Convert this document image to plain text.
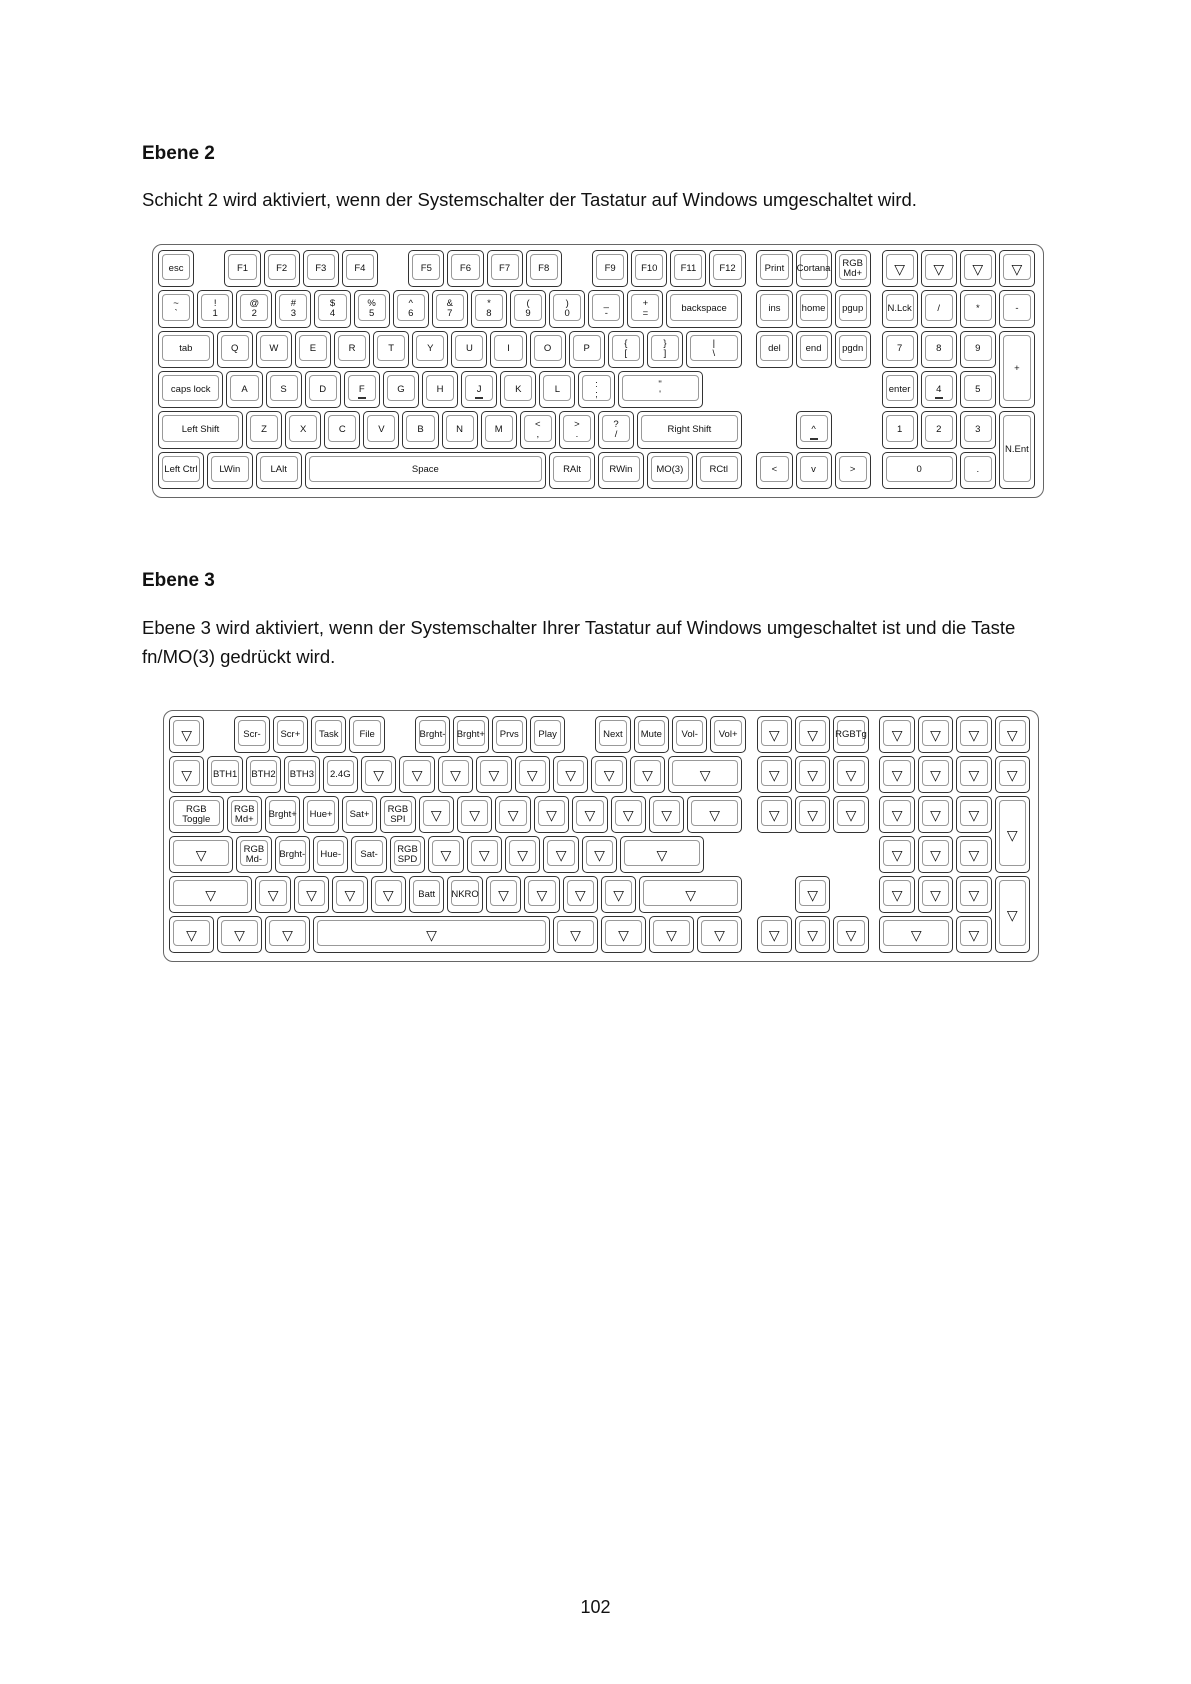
Ebene 2

Schicht 2 wird aktiviert, wenn der Systemschalter der Tastatur auf Windows umgeschaltet wird.

esc	F1	F2	F3	F4	F5	F6	F7	F8	F9	F10 F11 F12	Print Cortana RGB
Md+ ▽ ▽ ▽ ▽
~
`
!
1
@
2
#
3
$
4
%
5
^
6
&
7
*
8
(
9
)
0
_
-
+
=	backspace	ins home pgup	N.Lck	/	*	-
tab	Q	W	E	R	T	Y	U	I	O	P	{
[
}
]
|
\	del	end pgdn	7	8	9
+
caps lock	A	S	D	F	G	H	J	K	L	:
;
"
'	enter	4	5
Left Shift	Z	X	C	V	B	N	M	<
,
>
.
?
/	Right Shift	^	1	2	3
N.Ent
Left Ctrl LWin	LAlt	Space	RAlt	RWin	MO(3)	RCtl	<	v	>	0	.
Ebene 3

Ebene 3 wird aktiviert, wenn der Systemschalter Ihrer Tastatur auf Windows umgeschaltet ist und die Taste fn/MO(3) gedrückt wird.

▽	Scr- Scr+ Task File	Brght- Brght+ Prvs Play	Next Mute Vol- Vol+ ▽ ▽ RGBTg ▽ ▽ ▽ ▽
▽ BTH1 BTH2 BTH3 2.4G ▽ ▽ ▽ ▽ ▽ ▽ ▽ ▽	▽	▽ ▽ ▽	▽ ▽ ▽ ▽
RGB
Toggle
RGB
Md+ Brght+ Hue+ Sat+ RGB
SPI ▽ ▽ ▽ ▽ ▽ ▽ ▽	▽	▽ ▽ ▽	▽ ▽ ▽
▽
▽	RGB
Md- Brght- Hue- Sat- RGB
SPD ▽ ▽ ▽ ▽ ▽	▽	▽ ▽ ▽
▽	▽ ▽ ▽ ▽	Batt NKRO ▽ ▽ ▽ ▽	▽	▽	▽ ▽ ▽
▽
▽	▽	▽	▽	▽	▽	▽	▽	▽ ▽ ▽	▽	▽

102
